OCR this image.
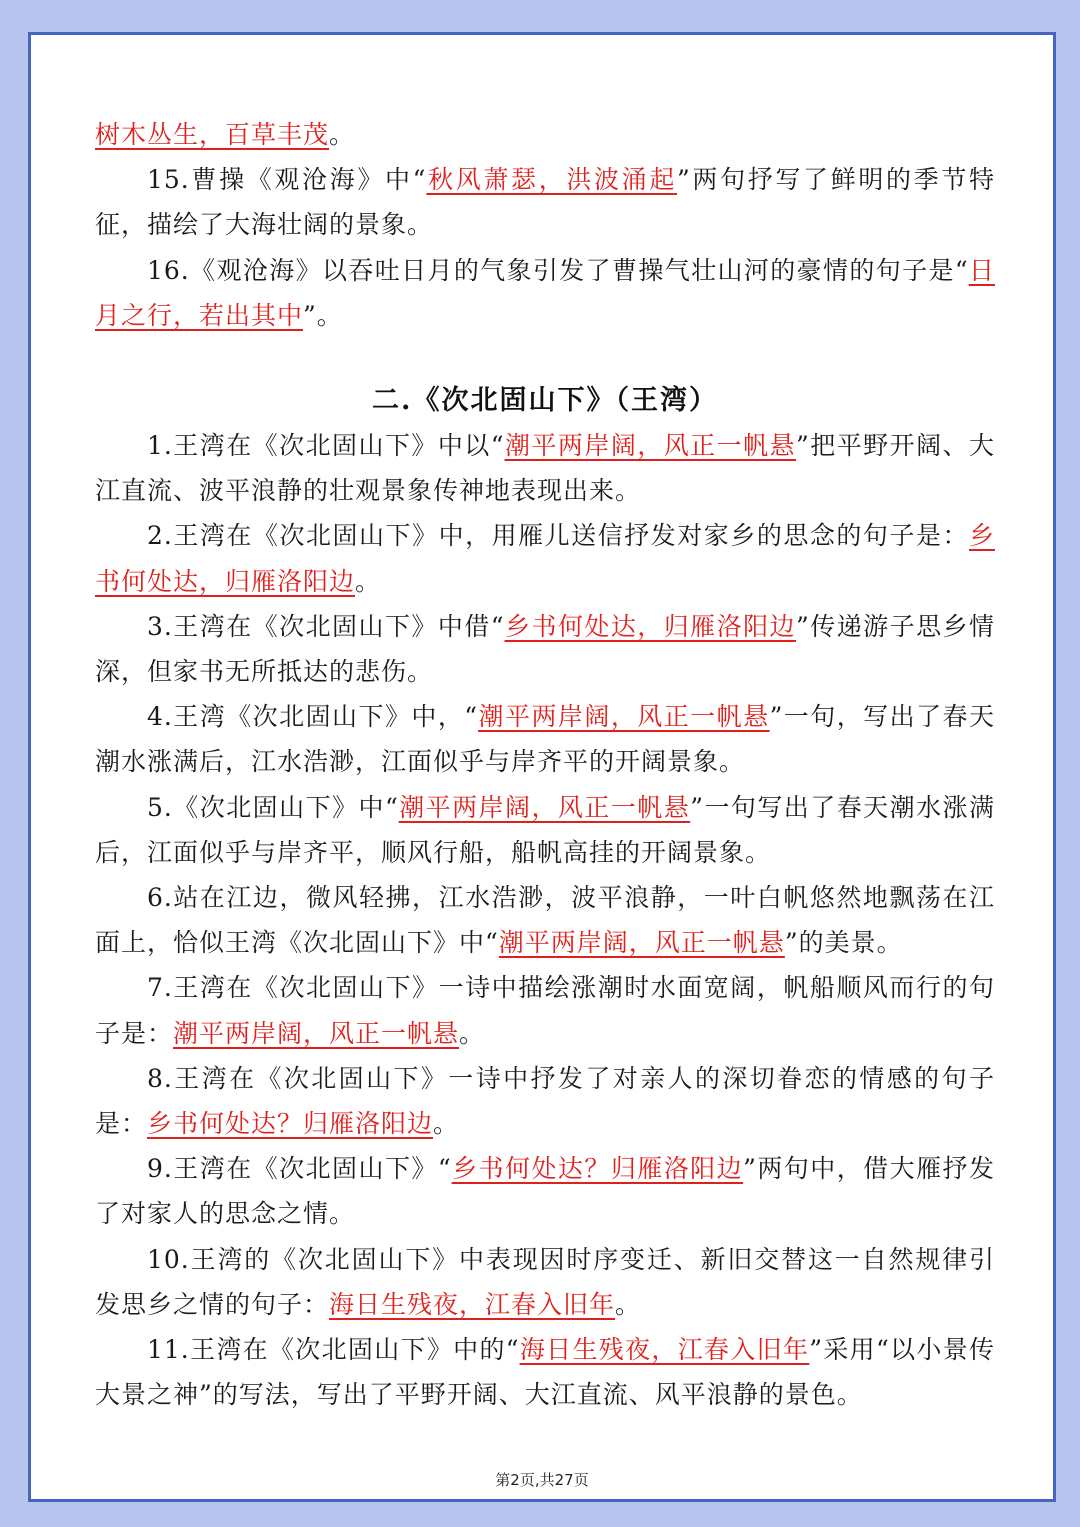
树木丛生，百草丰茂。

15.曹操《观沧海》中“秋风萧瑟，洪波涌起”两句抒写了鲜明的季节特征，描绘了大海壮阔的景象。

16.《观沧海》以吞吐日月的气象引发了曹操气壮山河的豪情的句子是“日月之行，若出其中”。

二.《次北固山下》（王湾）

1.王湾在《次北固山下》中以“潮平两岸阔，风正一帆悬”把平野开阔、大江直流、波平浪静的壮观景象传神地表现出来。

2.王湾在《次北固山下》中，用雁儿送信抒发对家乡的思念的句子是：乡书何处达，归雁洛阳边。

3.王湾在《次北固山下》中借“乡书何处达，归雁洛阳边”传递游子思乡情深，但家书无所抵达的悲伤。

4.王湾《次北固山下》中，“潮平两岸阔，风正一帆悬”一句，写出了春天潮水涨满后，江水浩渺，江面似乎与岸齐平的开阔景象。

5.《次北固山下》中“潮平两岸阔，风正一帆悬”一句写出了春天潮水涨满后，江面似乎与岸齐平，顺风行船，船帆高挂的开阔景象。

6.站在江边，微风轻拂，江水浩渺，波平浪静，一叶白帆悠然地飘荡在江面上，恰似王湾《次北固山下》中“潮平两岸阔，风正一帆悬”的美景。

7.王湾在《次北固山下》一诗中描绘涨潮时水面宽阔，帆船顺风而行的句子是：潮平两岸阔，风正一帆悬。

8.王湾在《次北固山下》一诗中抒发了对亲人的深切眷恋的情感的句子是：乡书何处达？归雁洛阳边。

9.王湾在《次北固山下》“乡书何处达？归雁洛阳边”两句中，借大雁抒发了对家人的思念之情。

10.王湾的《次北固山下》中表现因时序变迁、新旧交替这一自然规律引发思乡之情的句子：海日生残夜，江春入旧年。

11.王湾在《次北固山下》中的“海日生残夜，江春入旧年”采用“以小景传大景之神”的写法，写出了平野开阔、大江直流、风平浪静的景色。

第2页,共27页
